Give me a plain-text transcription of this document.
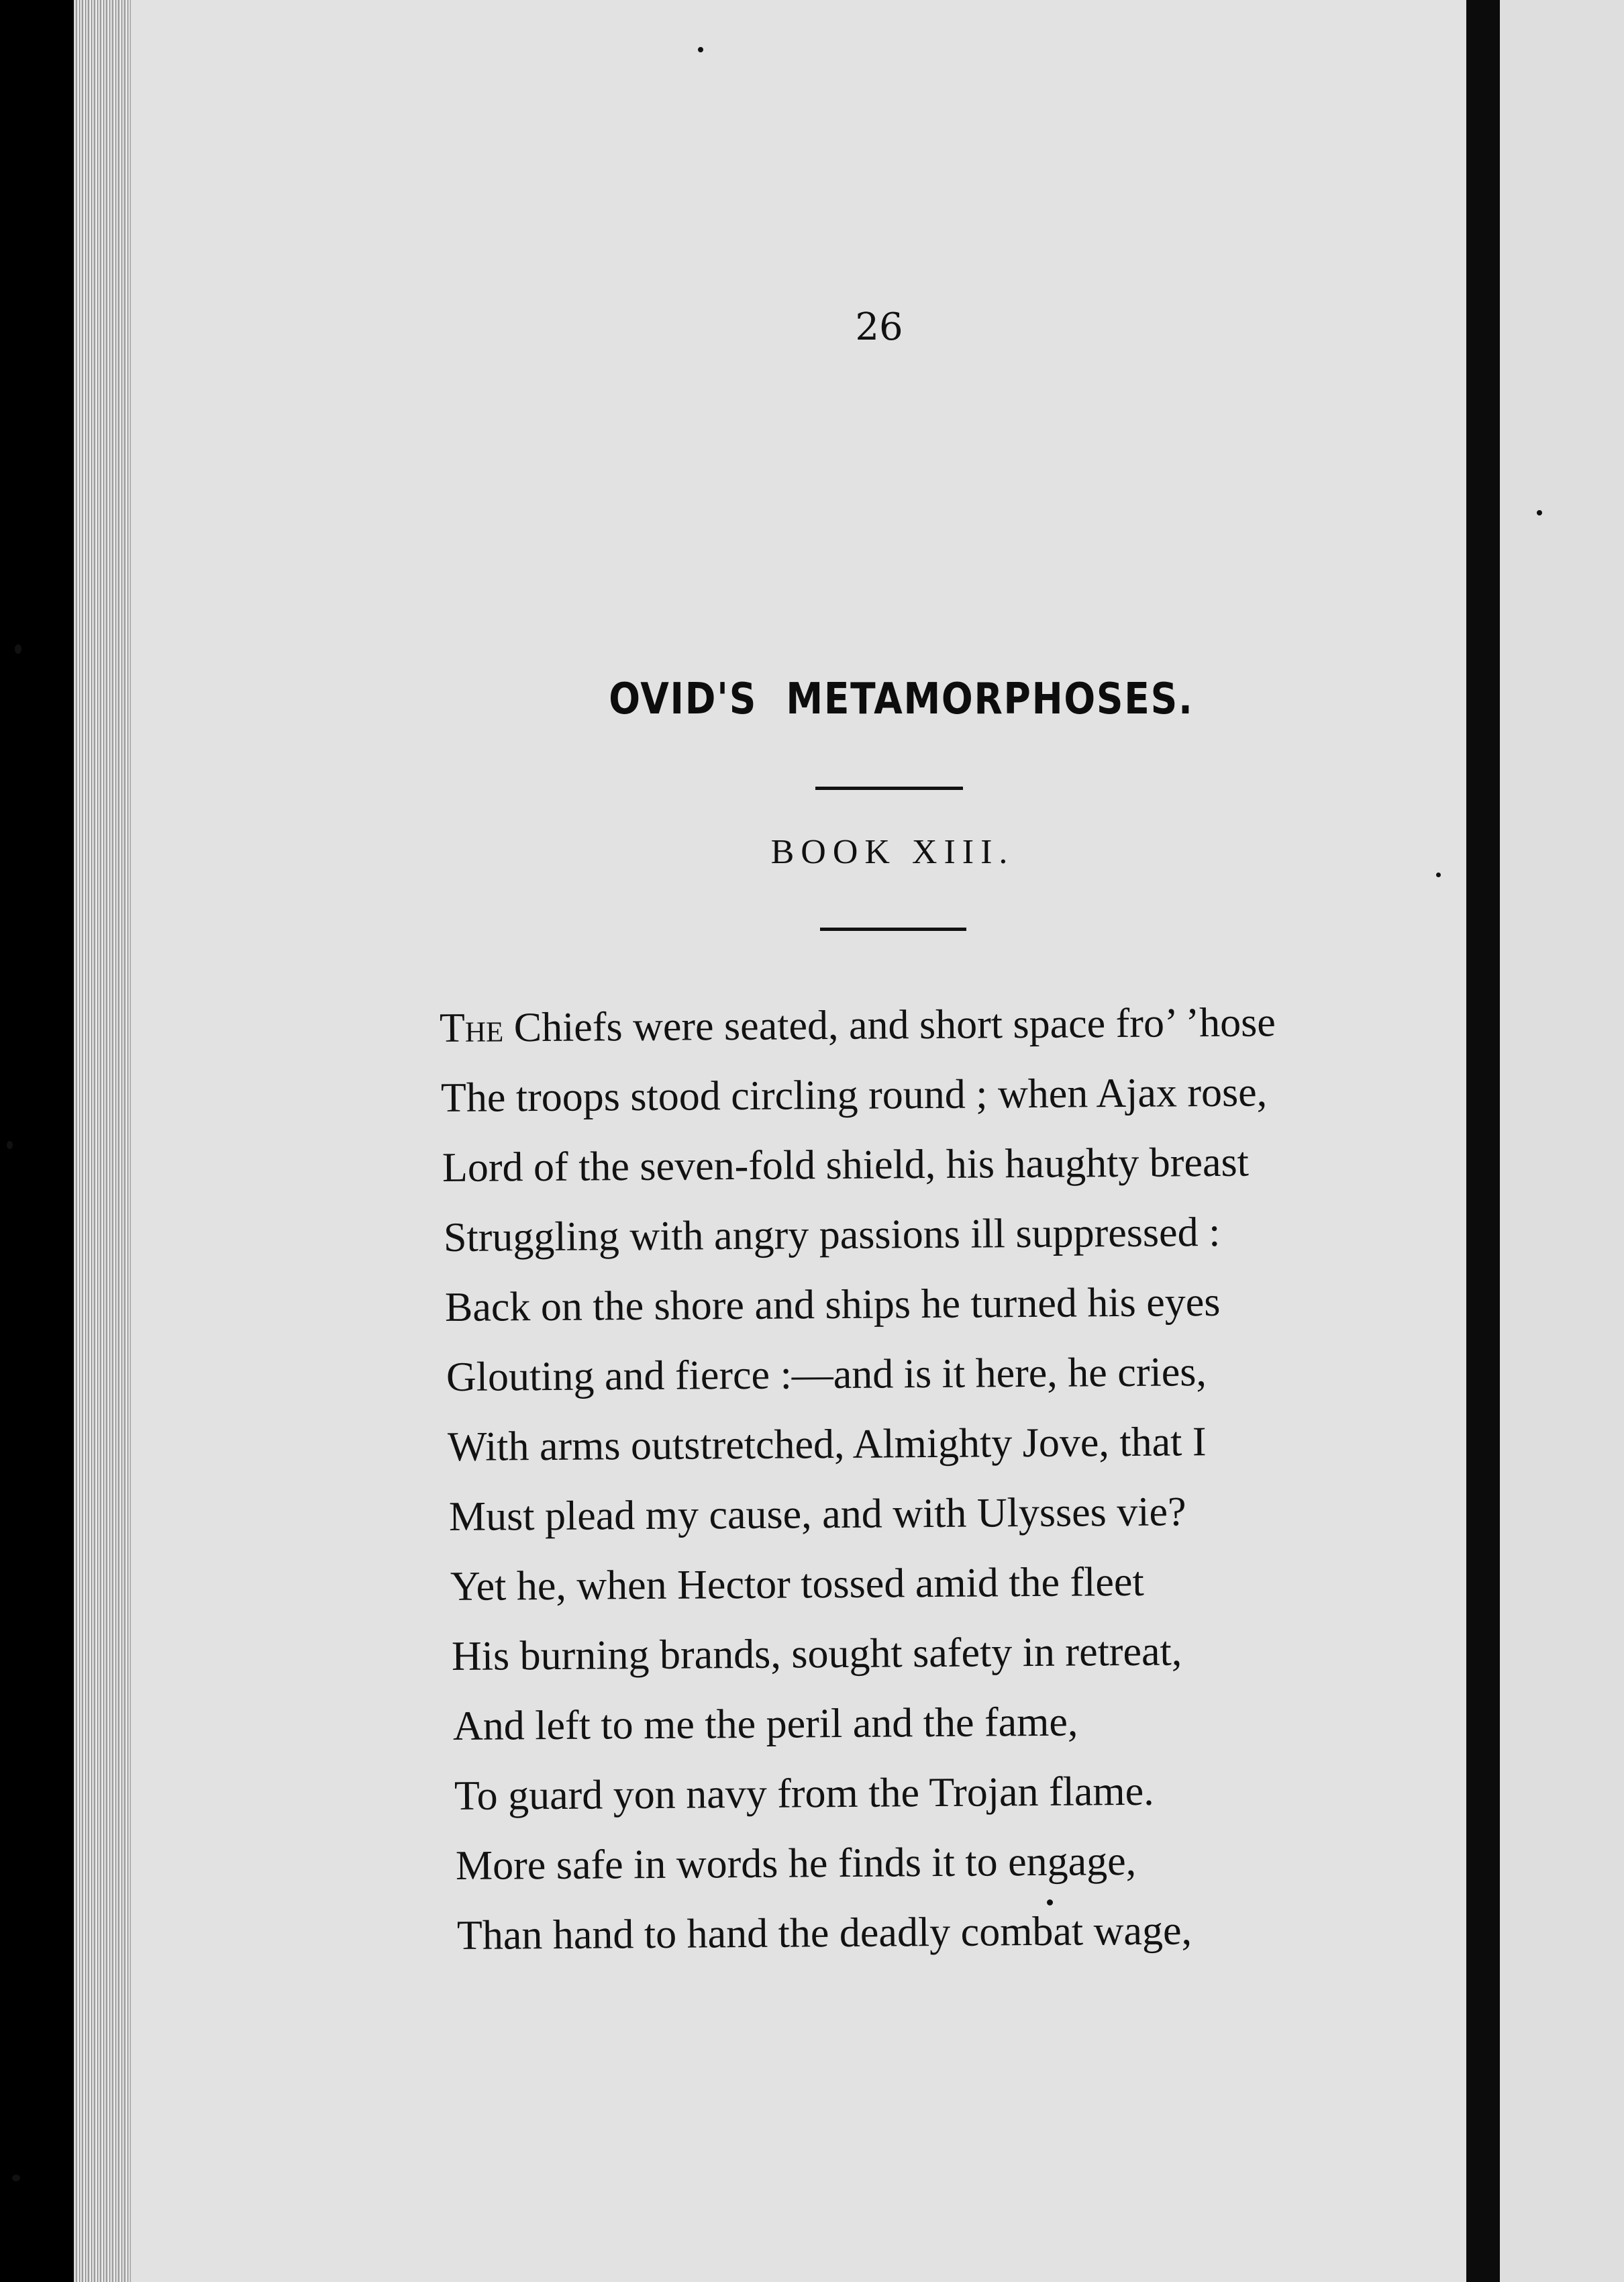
26
OVID'S METAMORPHOSES.
BOOK XIII.
The Chiefs were seated, and short space fro’ ’hose
The troops stood circling round ; when Ajax rose,
Lord of the seven-fold shield, his haughty breast
Struggling with angry passions ill suppressed :
Back on the shore and ships he turned his eyes
Glouting and fierce :—and is it here, he cries,
With arms outstretched, Almighty Jove, that I
Must plead my cause, and with Ulysses vie?
Yet he, when Hector tossed amid the fleet
His burning brands, sought safety in retreat,
And left to me the peril and the fame,
To guard yon navy from the Trojan flame.
More safe in words he finds it to engage,
Than hand to hand the deadly combat wage,
